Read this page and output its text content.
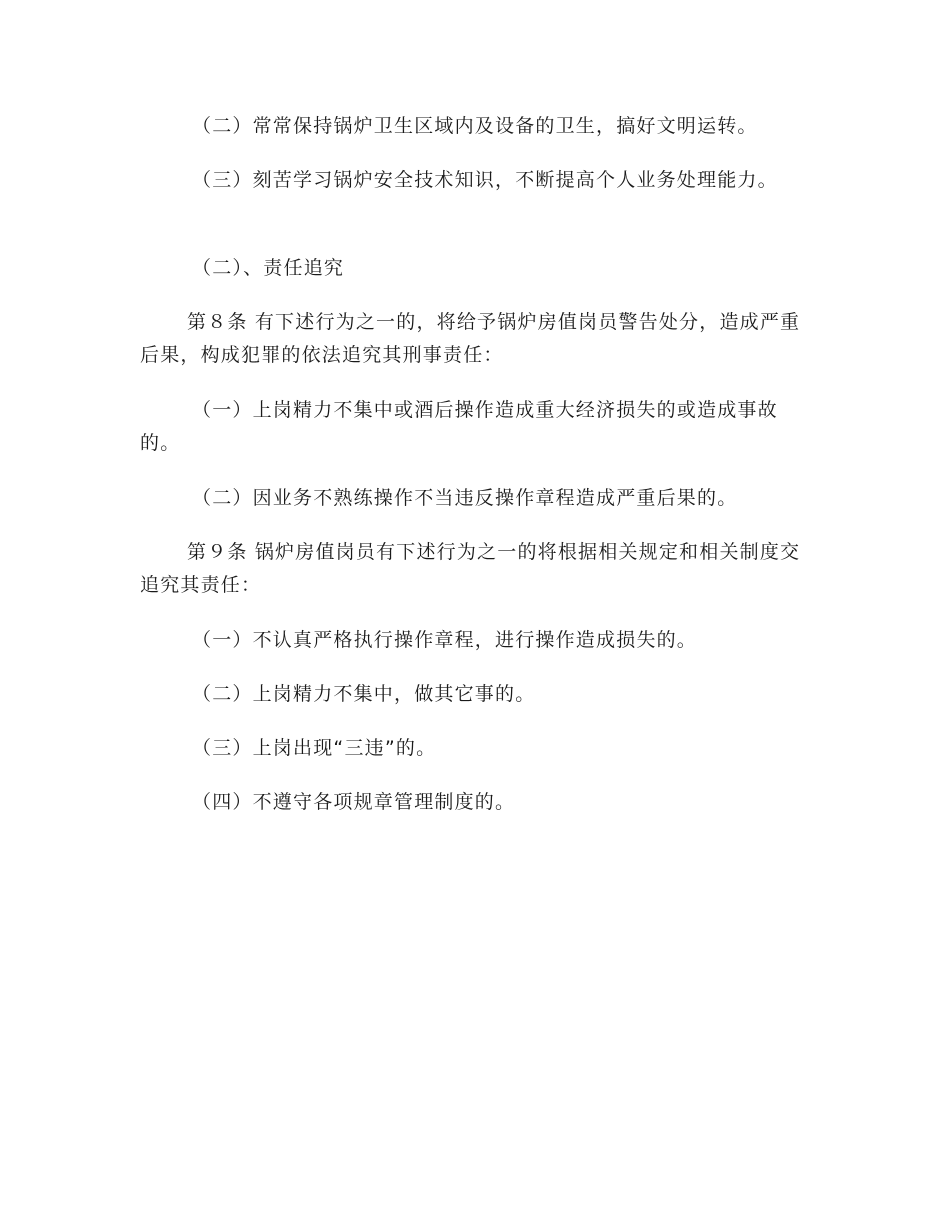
（二）常常保持锅炉卫生区域内及设备的卫生，搞好文明运转。

（三）刻苦学习锅炉安全技术知识，不断提高个人业务处理能力。

（二）、责任追究

第８条 有下述行为之一的，将给予锅炉房值岗员警告处分，造成严重后果，构成犯罪的依法追究其刑事责任：

（一）上岗精力不集中或酒后操作造成重大经济损失的或造成事故的。

（二）因业务不熟练操作不当违反操作章程造成严重后果的。

第９条 锅炉房值岗员有下述行为之一的将根据相关规定和相关制度交追究其责任：

（一）不认真严格执行操作章程，进行操作造成损失的。

（二）上岗精力不集中，做其它事的。

（三）上岗出现“三违”的。

（四）不遵守各项规章管理制度的。
